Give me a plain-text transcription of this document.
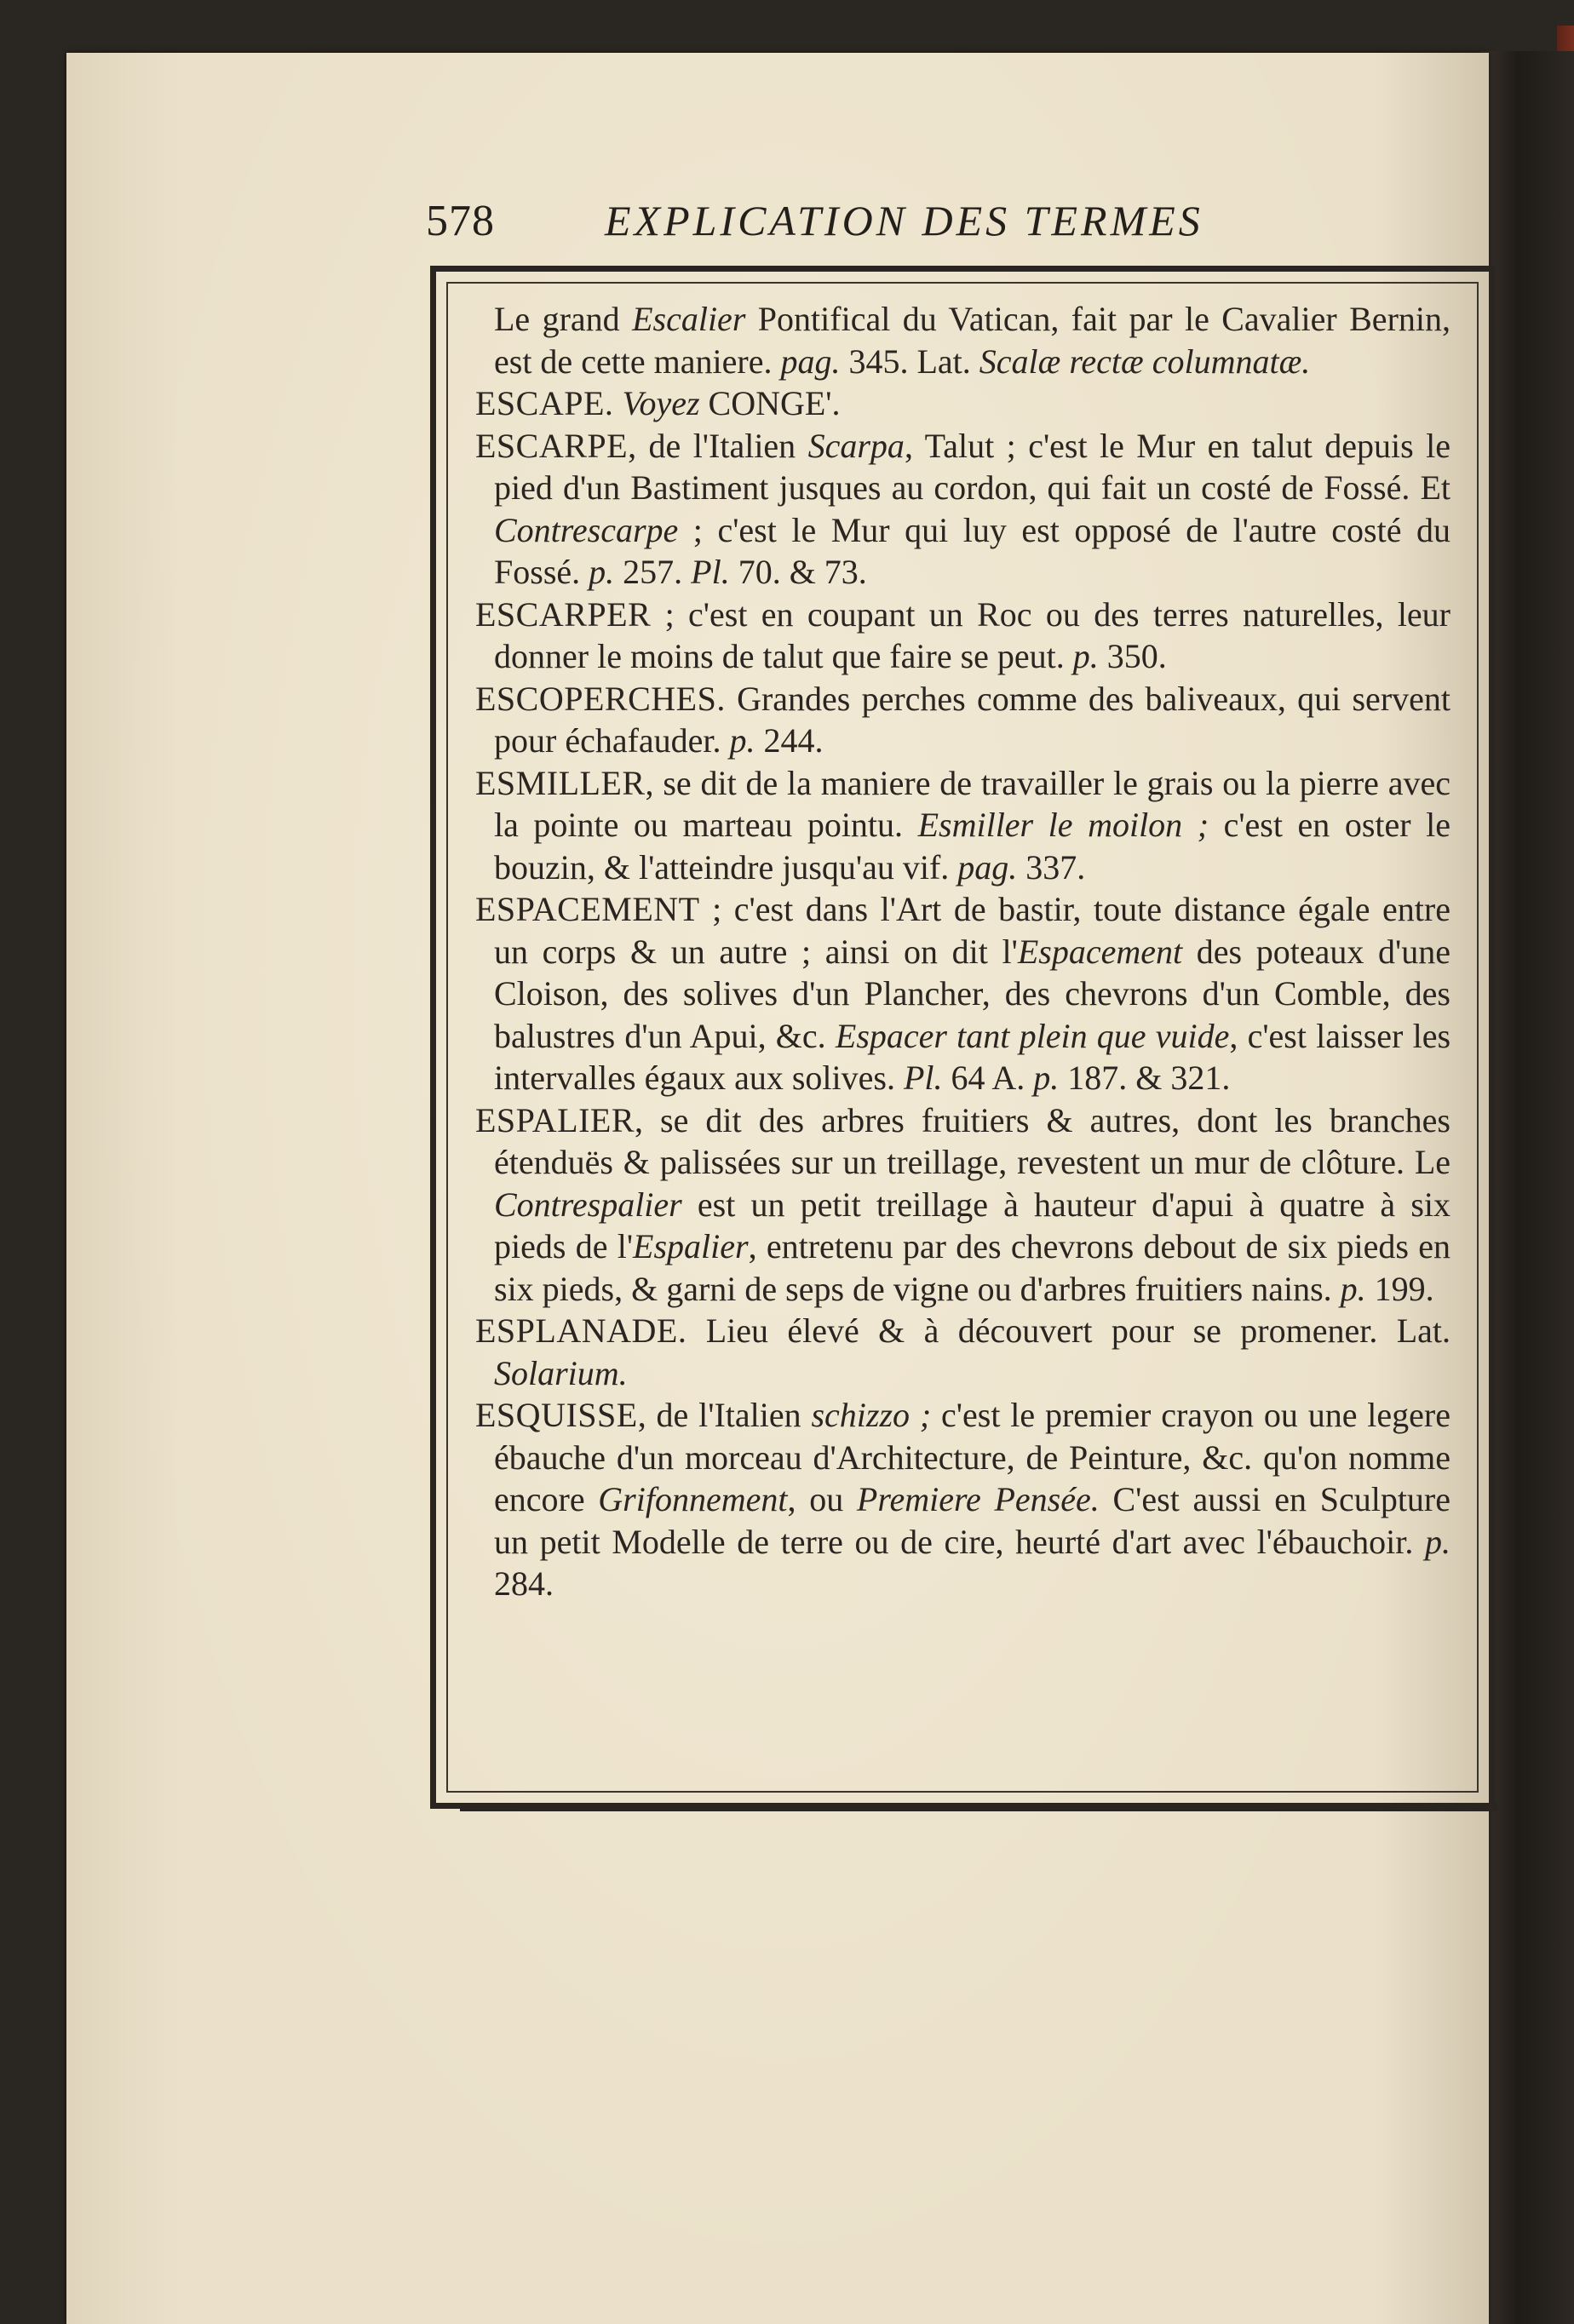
578	EXPLICATION DES TERMES

Le grand Escalier Pontifical du Vatican, fait par le Cavalier Bernin, est de cette maniere. pag. 345. Lat. Scalæ rectæ columnatæ.

ESCAPE. Voyez CONGE'.

ESCARPE, de l'Italien Scarpa, Talut ; c'est le Mur en talut depuis le pied d'un Bastiment jusques au cordon, qui fait un costé de Fossé. Et Contrescarpe ; c'est le Mur qui luy est opposé de l'autre costé du Fossé. p. 257. Pl. 70. & 73.

ESCARPER ; c'est en coupant un Roc ou des terres naturelles, leur donner le moins de talut que faire se peut. p. 350.

ESCOPERCHES. Grandes perches comme des baliveaux, qui servent pour échafauder. p. 244.

ESMILLER, se dit de la maniere de travailler le grais ou la pierre avec la pointe ou marteau pointu. Esmiller le moilon ; c'est en oster le bouzin, & l'atteindre jusqu'au vif. pag. 337.

ESPACEMENT ; c'est dans l'Art de bastir, toute distance égale entre un corps & un autre ; ainsi on dit l'Espacement des poteaux d'une Cloison, des solives d'un Plancher, des chevrons d'un Comble, des balustres d'un Apui, &c. Espacer tant plein que vuide, c'est laisser les intervalles égaux aux solives. Pl. 64 A. p. 187. & 321.

ESPALIER, se dit des arbres fruitiers & autres, dont les branches étenduës & palissées sur un treillage, revestent un mur de clôture. Le Contrespalier est un petit treillage à hauteur d'apui à quatre à six pieds de l'Espalier, entretenu par des chevrons debout de six pieds en six pieds, & garni de seps de vigne ou d'arbres fruitiers nains. p. 199.

ESPLANADE. Lieu élevé & à découvert pour se promener. Lat. Solarium.

ESQUISSE, de l'Italien schizzo ; c'est le premier crayon ou une legere ébauche d'un morceau d'Architecture, de Peinture, &c. qu'on nomme encore Grifonnement, ou Premiere Pensée. C'est aussi en Sculpture un petit Modelle de terre ou de cire, heurté d'art avec l'ébauchoir. p. 284.
